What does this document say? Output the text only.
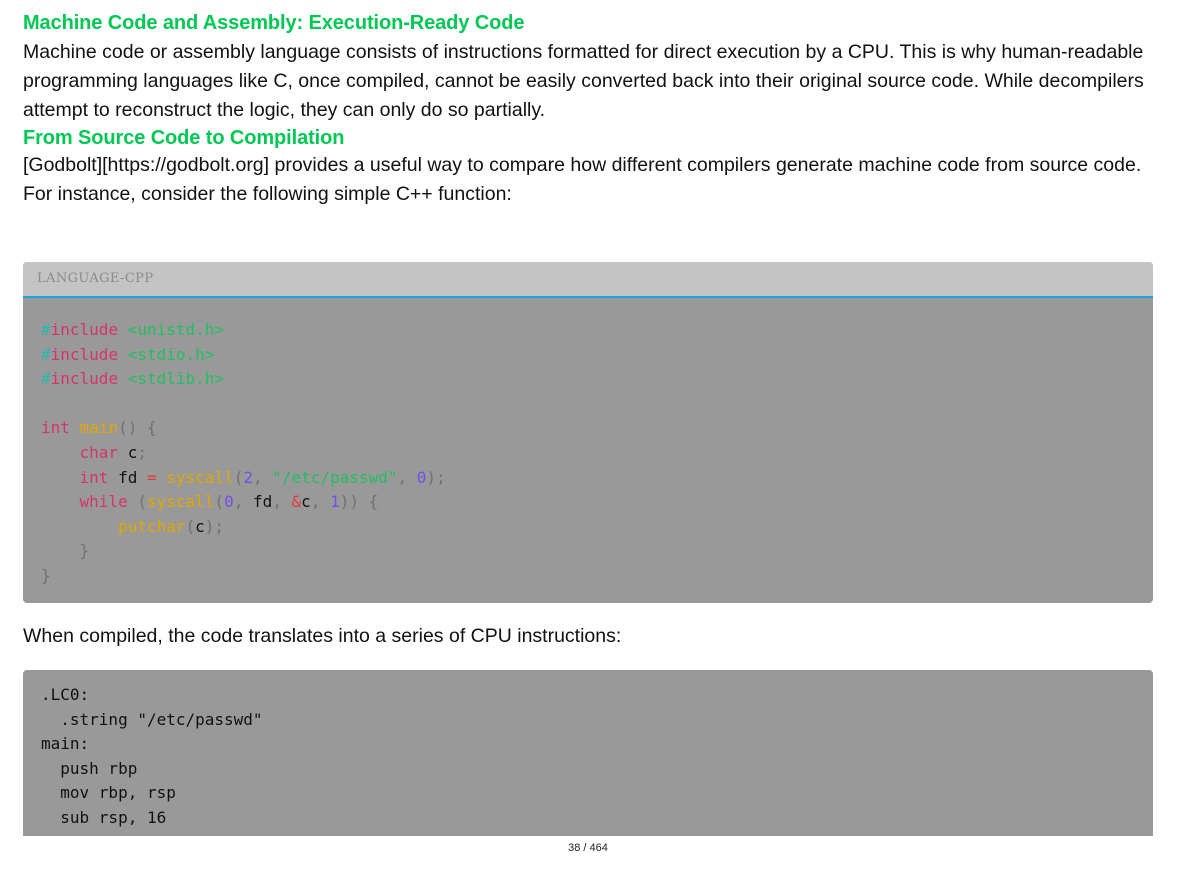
Machine Code and Assembly: Execution-Ready Code

Machine code or assembly language consists of instructions formatted for direct execution by a CPU. This is why human-readable programming languages like C, once compiled, cannot be easily converted back into their original source code. While decompilers attempt to reconstruct the logic, they can only do so partially.

From Source Code to Compilation

[Godbolt][https://godbolt.org] provides a useful way to compare how different compilers generate machine code from source code.

For instance, consider the following simple C++ function:

LANGUAGE-CPP
#include <unistd.h>
#include <stdio.h>
#include <stdlib.h>

int main() {
char c;
int fd = syscall(2, "/etc/passwd", 0);
while (syscall(0, fd, &c, 1)) {
putchar(c);
}
}

When compiled, the code translates into a series of CPU instructions:

.LC0:
.string "/etc/passwd"
main:
push rbp
mov rbp, rsp
sub rsp, 16
38 / 464
